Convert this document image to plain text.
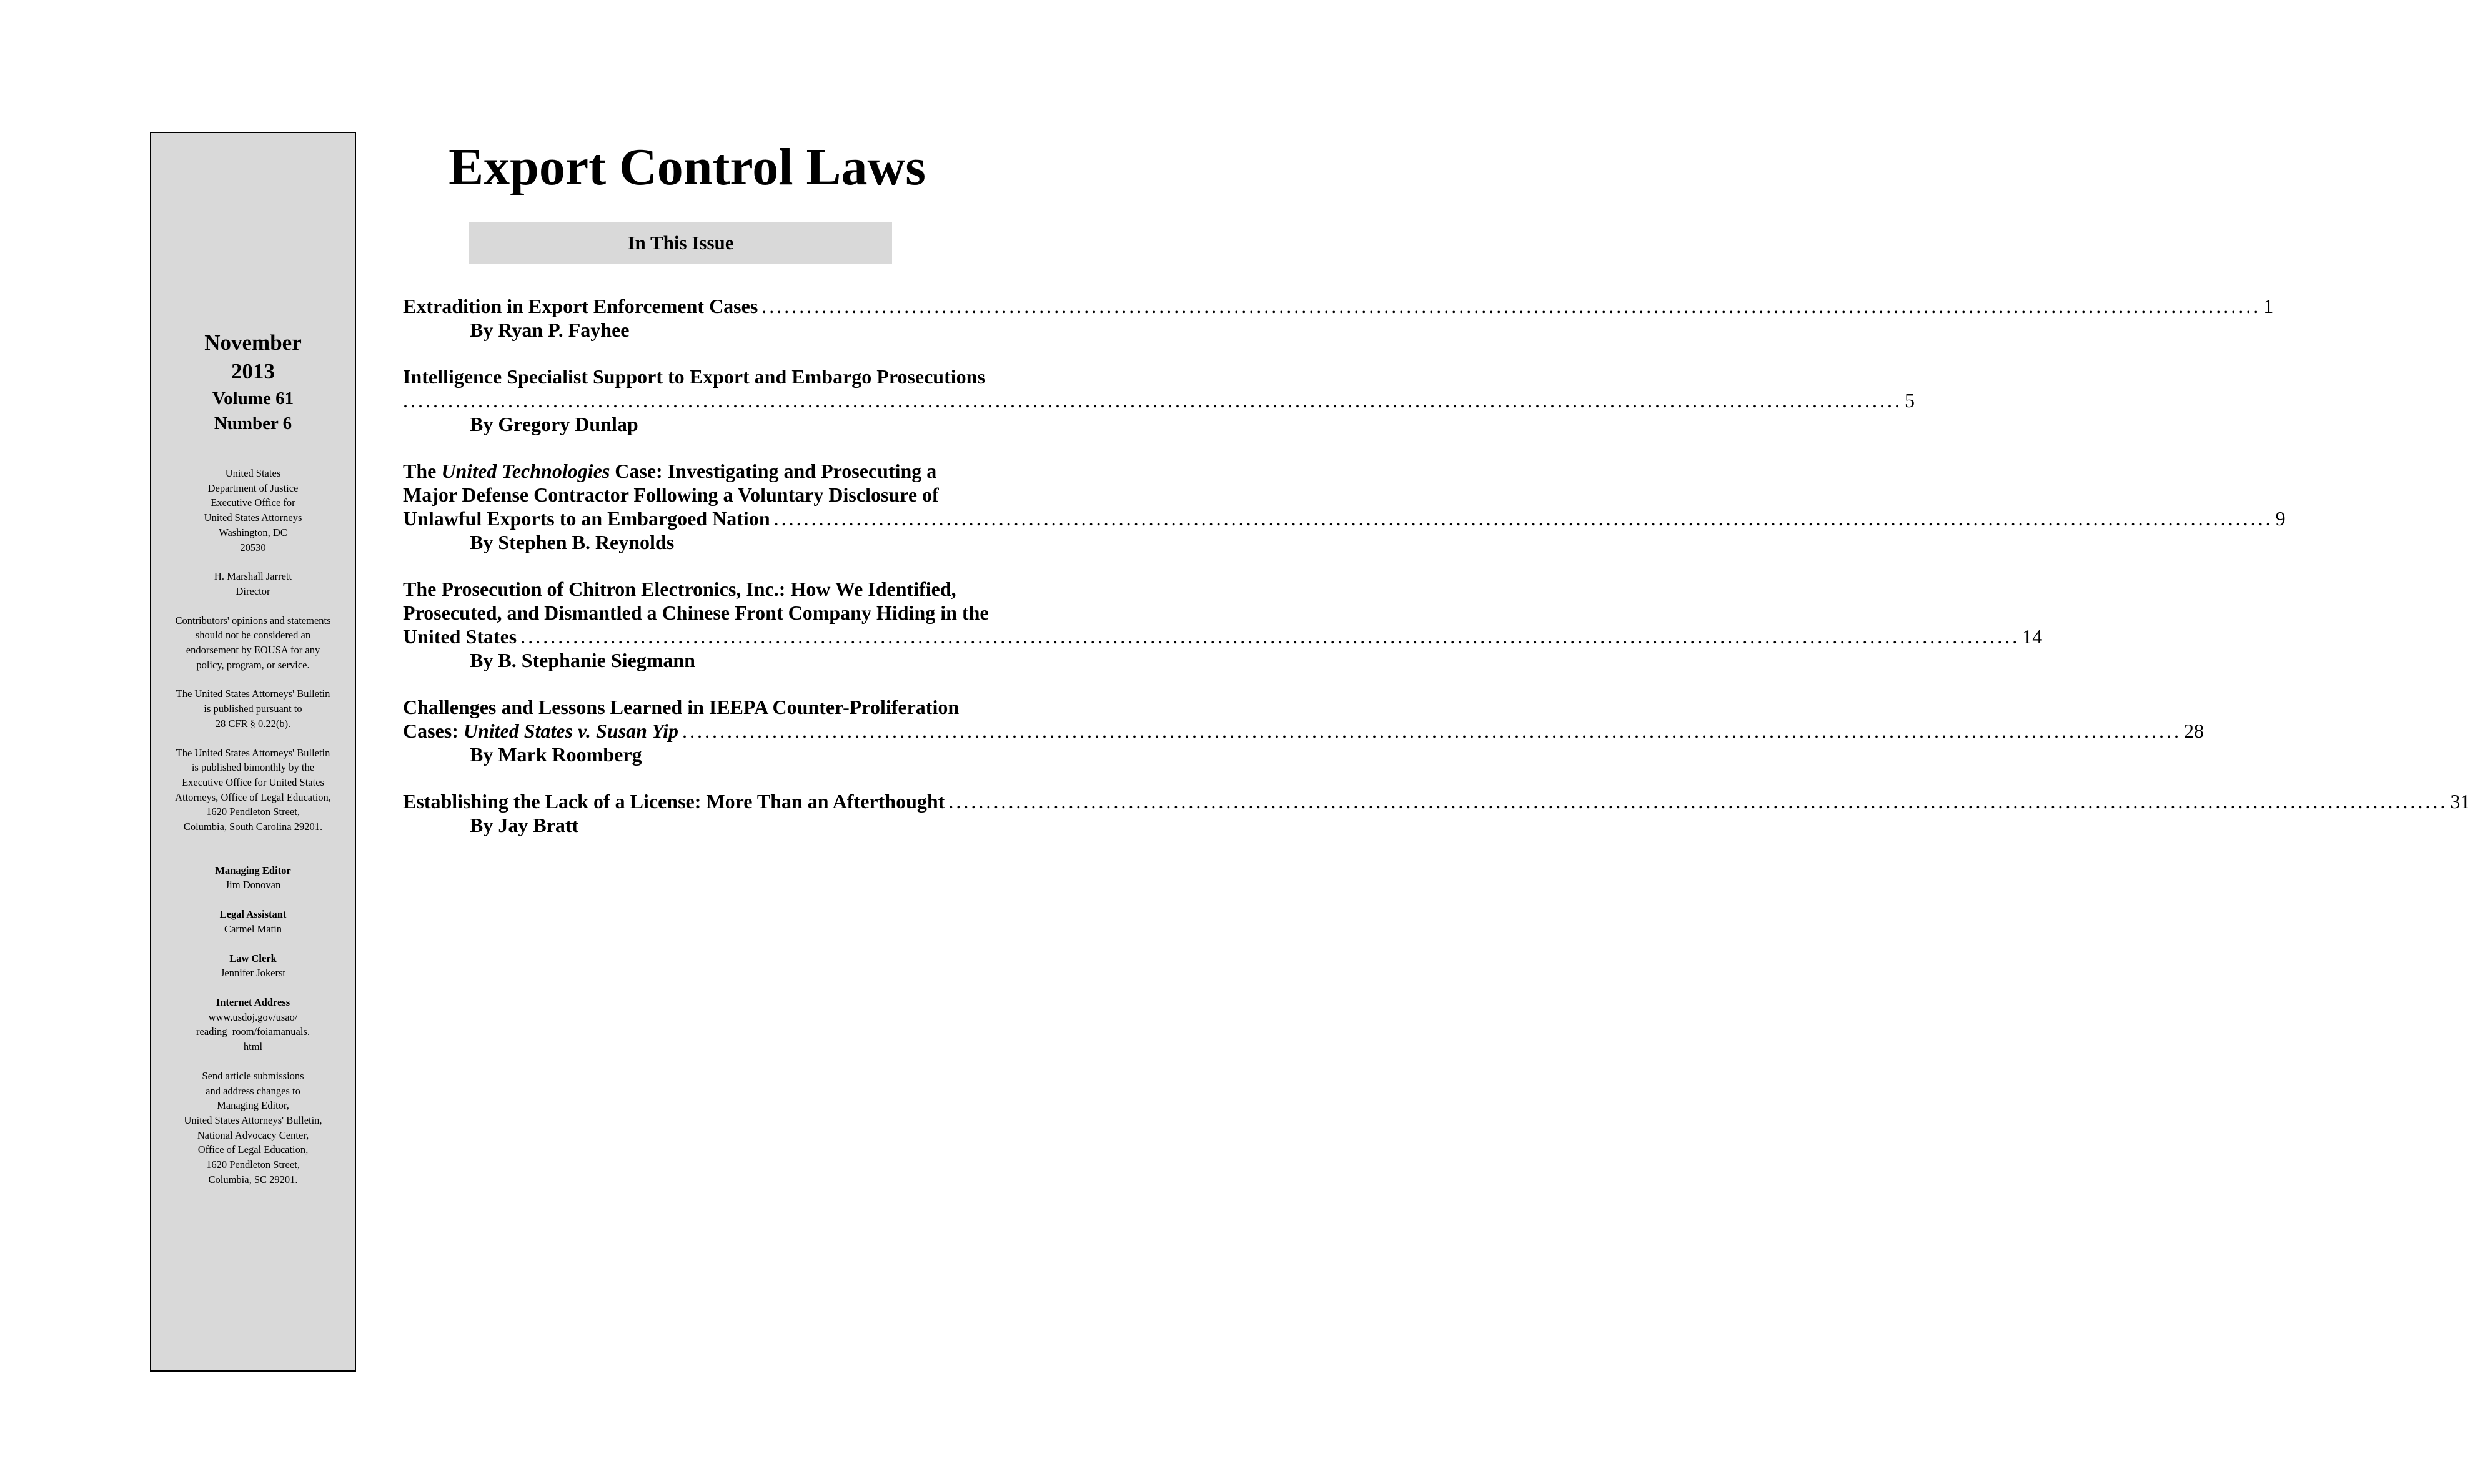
November
2013
Volume 61
Number 6
United States
Department of Justice
Executive Office for
United States Attorneys
Washington, DC
20530
H. Marshall Jarrett
Director
Contributors' opinions and statements
should not be considered an
endorsement by EOUSA for any
policy, program, or service.
The United States Attorneys' Bulletin
is published pursuant to
28 CFR § 0.22(b).
The United States Attorneys' Bulletin
is published bimonthly by the
Executive Office for United States
Attorneys, Office of Legal Education,
1620 Pendleton Street,
Columbia, South Carolina 29201.
Managing Editor
Jim Donovan
Legal Assistant
Carmel Matin
Law Clerk
Jennifer Jokerst
Internet Address
www.usdoj.gov/usao/
reading_room/foiamanuals.
html
Send article submissions
and address changes to
Managing Editor,
United States Attorneys' Bulletin,
National Advocacy Center,
Office of Legal Education,
1620 Pendleton Street,
Columbia, SC 29201.
Export Control Laws
In This Issue
Extradition in Export Enforcement Cases ........................................................................................................................................................................................................ 1
By Ryan P. Fayhee
Intelligence Specialist Support to Export and Embargo Prosecutions
........................................................................................................................................................................................................ 5
By Gregory Dunlap
The United Technologies Case: Investigating and Prosecuting a
Major Defense Contractor Following a Voluntary Disclosure of
Unlawful Exports to an Embargoed Nation ........................................................................................................................................................................................................ 9
By Stephen B. Reynolds
The Prosecution of Chitron Electronics, Inc.: How We Identified,
Prosecuted, and Dismantled a Chinese Front Company Hiding in the
United States ........................................................................................................................................................................................................ 14
By B. Stephanie Siegmann
Challenges and Lessons Learned in IEEPA Counter-Proliferation
Cases: United States v. Susan Yip ........................................................................................................................................................................................................ 28
By Mark Roomberg
Establishing the Lack of a License: More Than an Afterthought ........................................................................................................................................................................................................ 31
By Jay Bratt
